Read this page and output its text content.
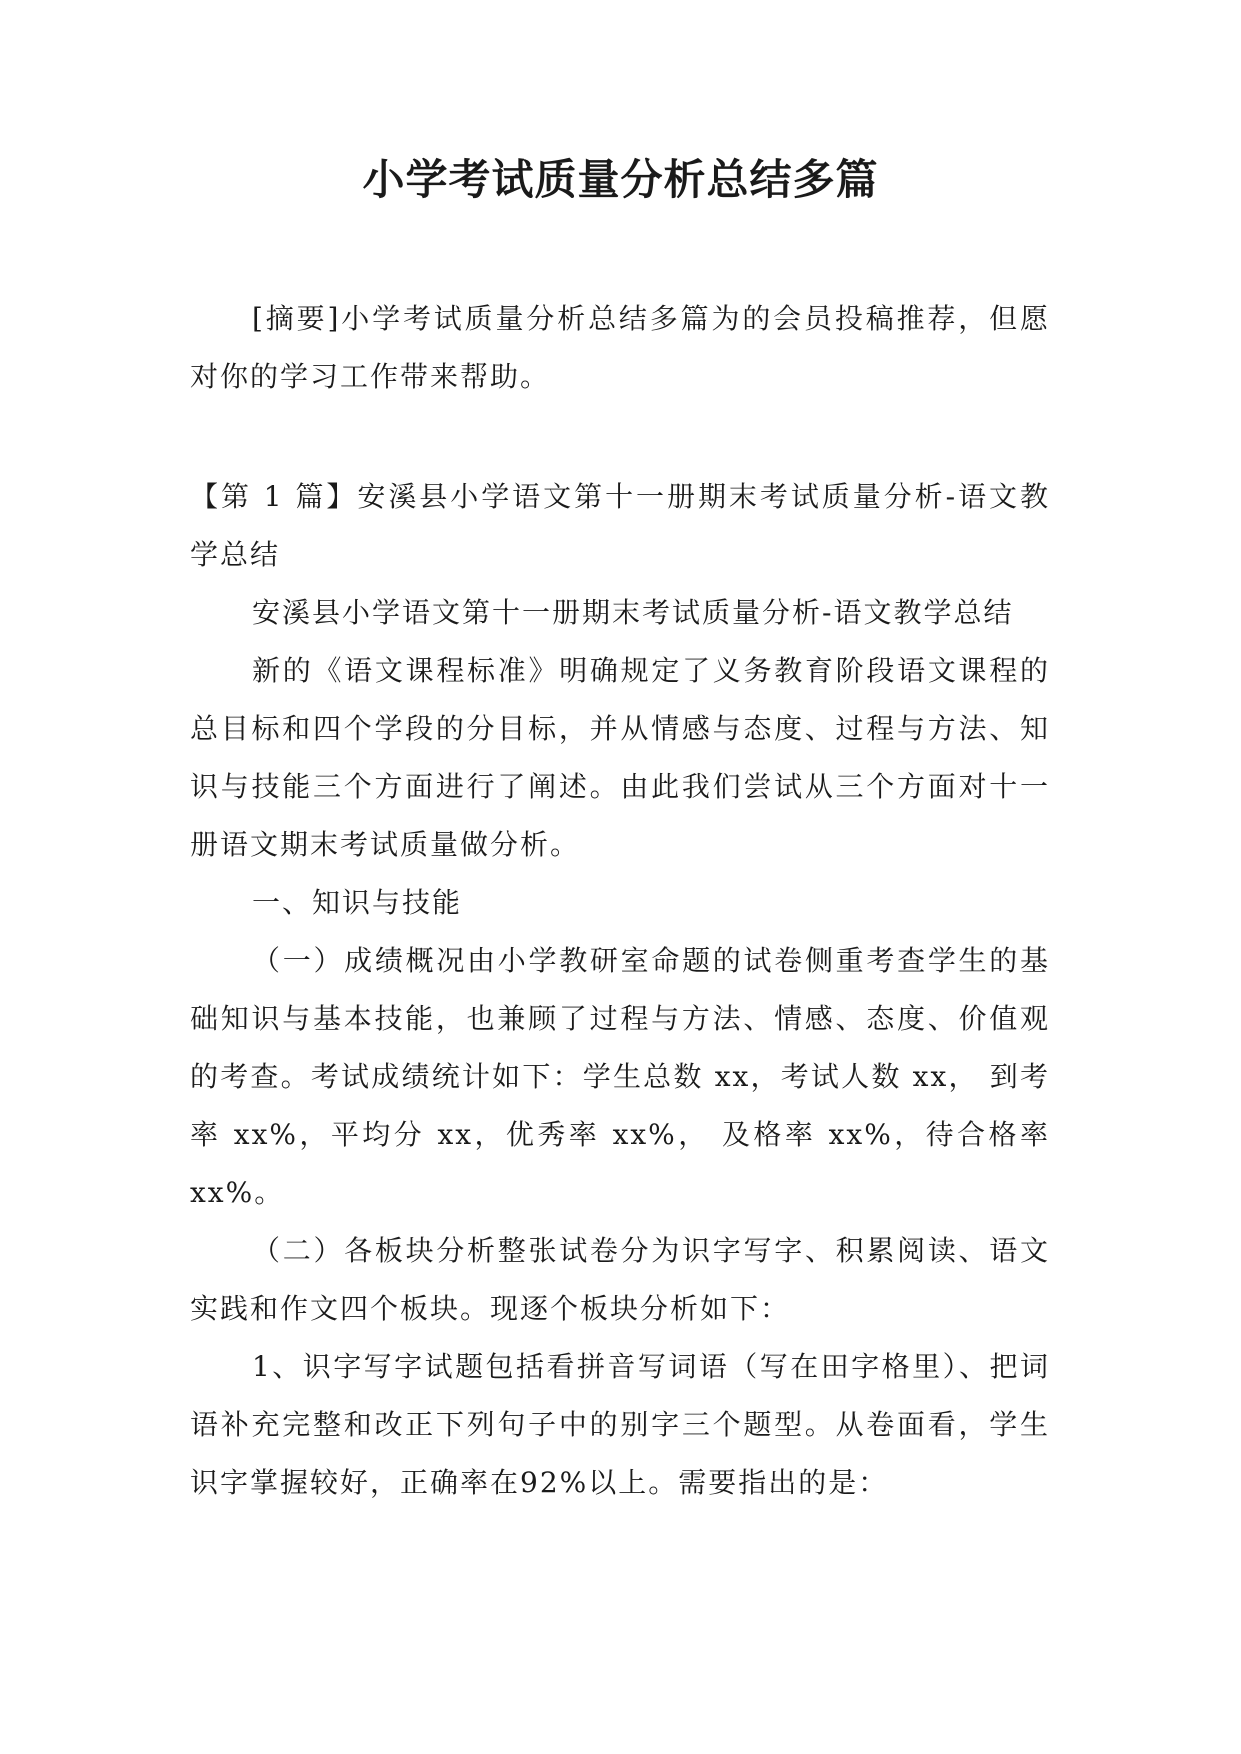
小学考试质量分析总结多篇

[摘要]小学考试质量分析总结多篇为的会员投稿推荐，但愿对你的学习工作带来帮助。

【第 1 篇】安溪县小学语文第十一册期末考试质量分析-语文教学总结

安溪县小学语文第十一册期末考试质量分析-语文教学总结

新的《语文课程标准》明确规定了义务教育阶段语文课程的总目标和四个学段的分目标，并从情感与态度、过程与方法、知识与技能三个方面进行了阐述。由此我们尝试从三个方面对十一册语文期末考试质量做分析。

一、知识与技能

（一）成绩概况由小学教研室命题的试卷侧重考查学生的基础知识与基本技能，也兼顾了过程与方法、情感、态度、价值观的考查。考试成绩统计如下：学生总数 xx，考试人数 xx， 到考率 xx%，平均分 xx，优秀率 xx%， 及格率 xx%，待合格率 xx%。

（二）各板块分析整张试卷分为识字写字、积累阅读、语文实践和作文四个板块。现逐个板块分析如下：

1、识字写字试题包括看拼音写词语（写在田字格里）、把词语补充完整和改正下列句子中的别字三个题型。从卷面看，学生识字掌握较好，正确率在92%以上。需要指出的是：
